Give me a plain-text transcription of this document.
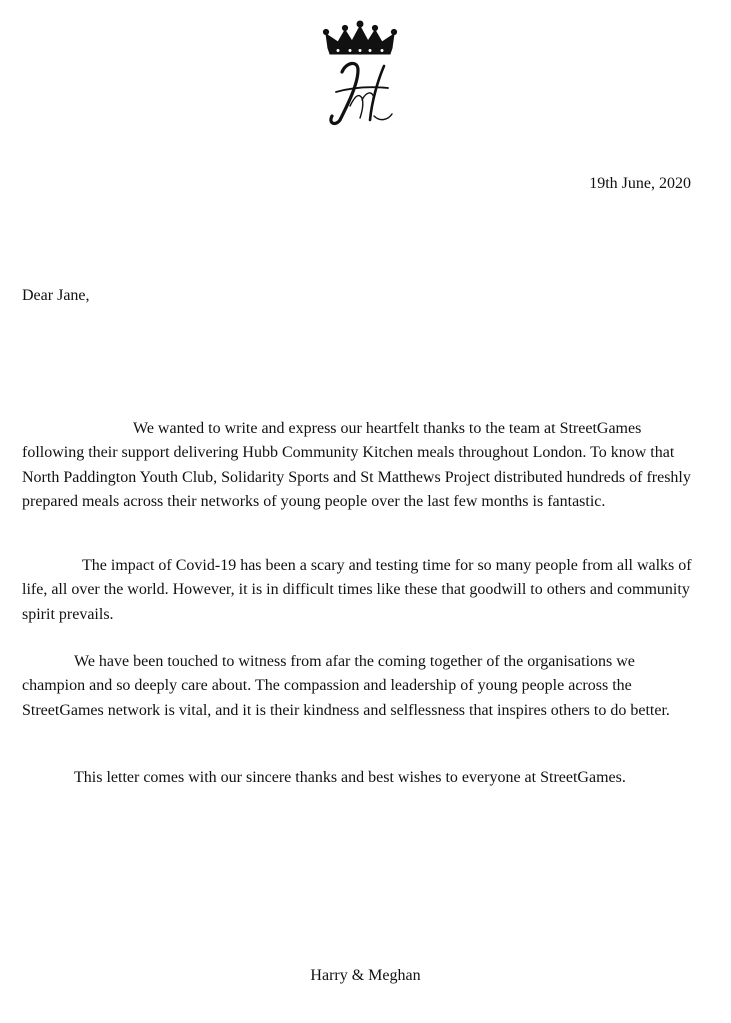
19th June, 2020
Dear Jane,

We wanted to write and express our heartfelt thanks to the team at StreetGames following their support delivering Hubb Community Kitchen meals throughout London. To know that North Paddington Youth Club, Solidarity Sports and St Matthews Project distributed hundreds of freshly prepared meals across their networks of young people over the last few months is fantastic.

The impact of Covid-19 has been a scary and testing time for so many people from all walks of life, all over the world. However, it is in difficult times like these that goodwill to others and community spirit prevails.

We have been touched to witness from afar the coming together of the organisations we champion and so deeply care about. The compassion and leadership of young people across the StreetGames network is vital, and it is their kindness and selflessness that inspires others to do better.

This letter comes with our sincere thanks and best wishes to everyone at StreetGames.

Harry & Meghan
